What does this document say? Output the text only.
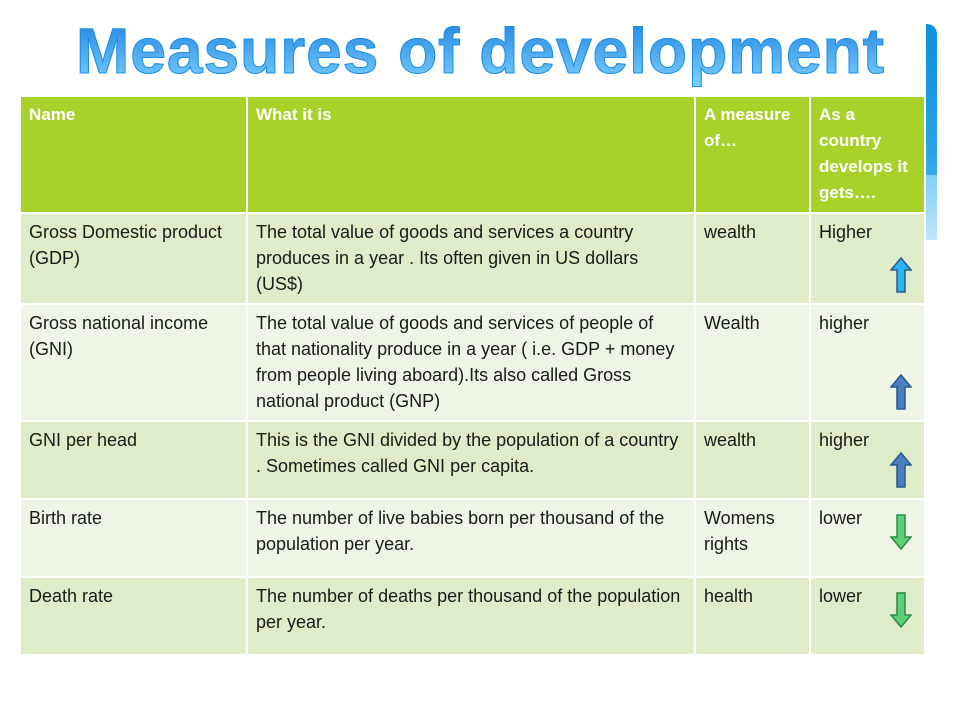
Measures of development
Name	What it is	A measure of…	As a country develops it gets….
Gross Domestic product (GDP)	The total value of goods and services a country produces in a year . Its often given in US dollars (US$)	wealth	Higher

Gross national income (GNI)	The total value of goods and services of people of that nationality produce in a year ( i.e. GDP + money from people living aboard).Its also called Gross national product (GNP)	Wealth	higher

GNI per head	This is the GNI divided by the population of a country . Sometimes called GNI per capita.	wealth	higher

Birth rate	The number of live babies born per thousand of the population per year.	Womens rights	lower

Death rate	The number of deaths per thousand of the population per year.	health	lower
